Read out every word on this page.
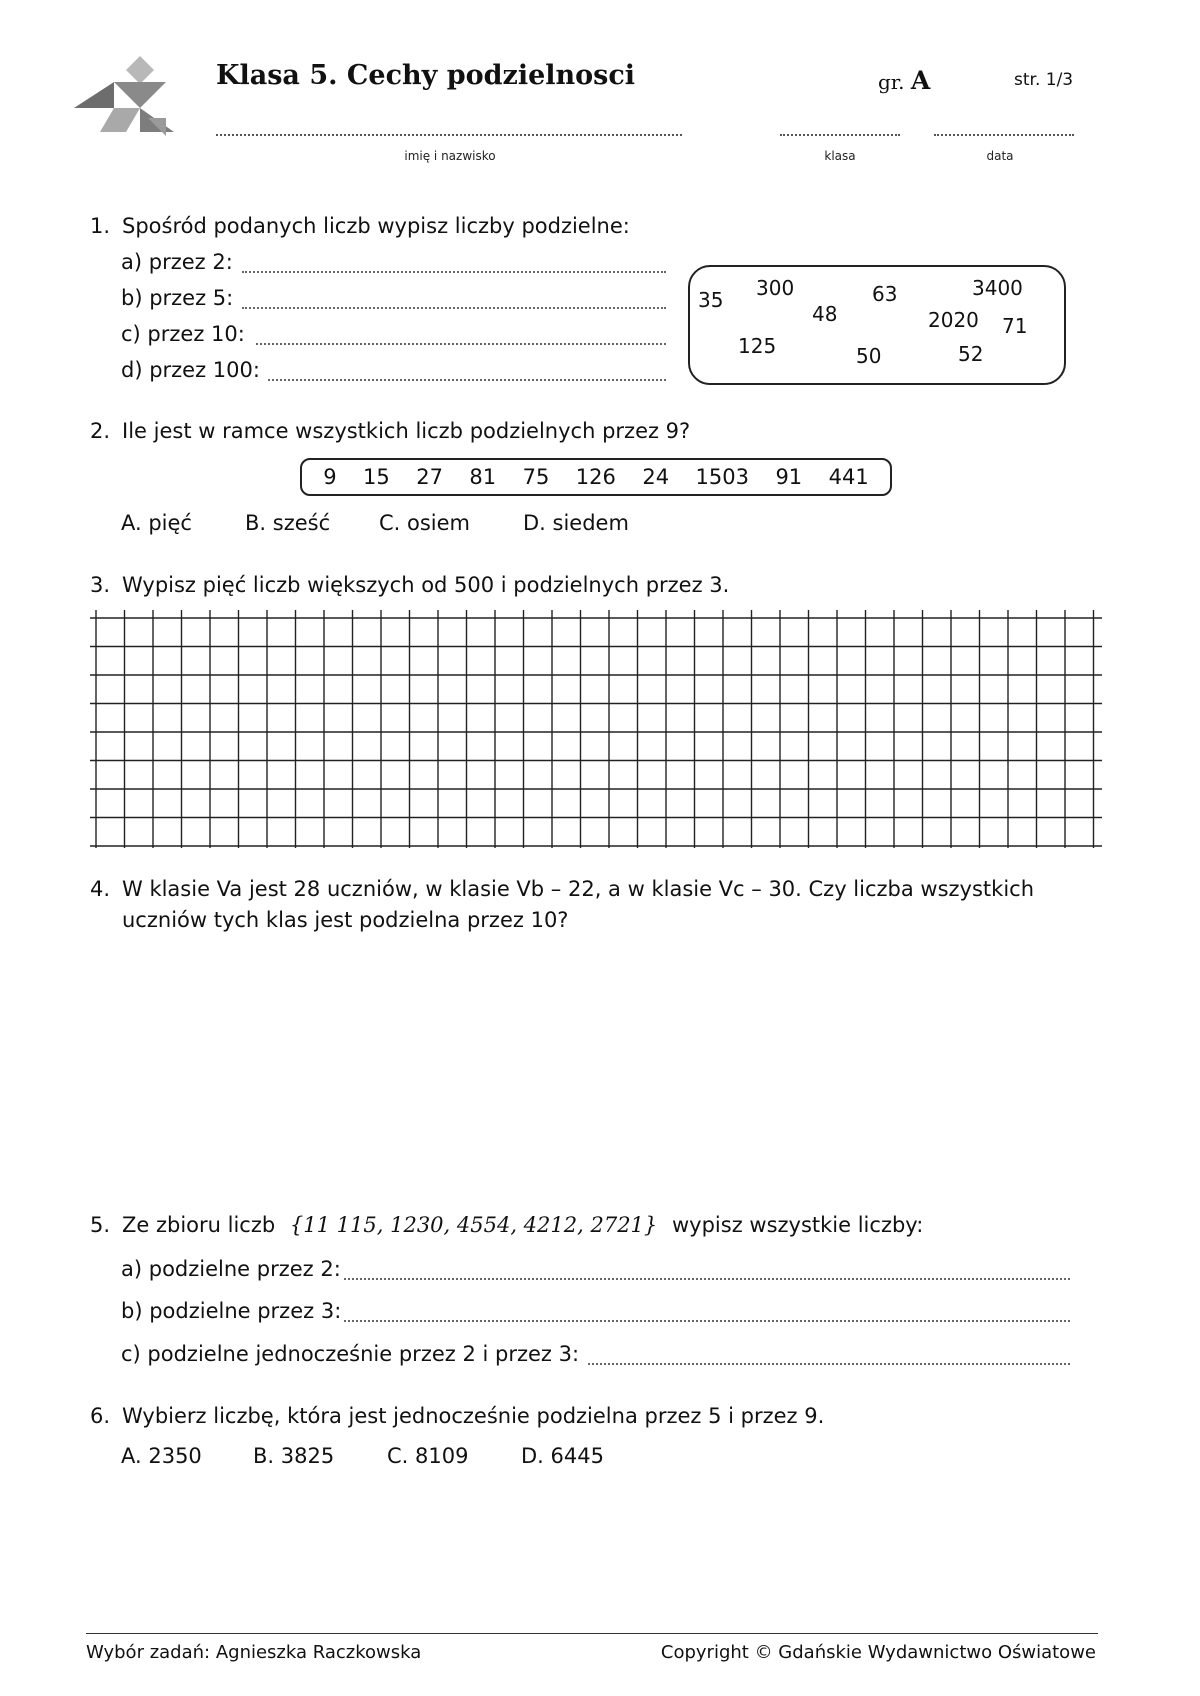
Klasa 5. Cechy podzielnosci	gr. A	str. 1/3
imię i nazwisko	klasa	data
1. Spośród podanych liczb wypisz liczby podzielne:
a) przez 2:
b) przez 5:
c) przez 10:
d) przez 100:
35 300	63	3400
48	2020 71
125	50	52
2. Ile jest w ramce wszystkich liczb podzielnych przez 9?
9 15 27 81 75 126 24 1503 91 441
A. pięć	B. sześć	C. osiem	D. siedem
3. Wypisz pięć liczb większych od 500 i podzielnych przez 3.
4. W klasie Va jest 28 uczniów, w klasie Vb – 22, a w klasie Vc – 30. Czy liczba wszystkich
uczniów tych klas jest podzielna przez 10?
5. Ze zbioru liczb {11 115, 1230, 4554, 4212, 2721} wypisz wszystkie liczby:
a) podzielne przez 2:
b) podzielne przez 3:
c) podzielne jednocześnie przez 2 i przez 3:
6. Wybierz liczbę, która jest jednocześnie podzielna przez 5 i przez 9.
A. 2350	B. 3825	C. 8109	D. 6445
Wybór zadań: Agnieszka Raczkowska	Copyright © Gdańskie Wydawnictwo Oświatowe
